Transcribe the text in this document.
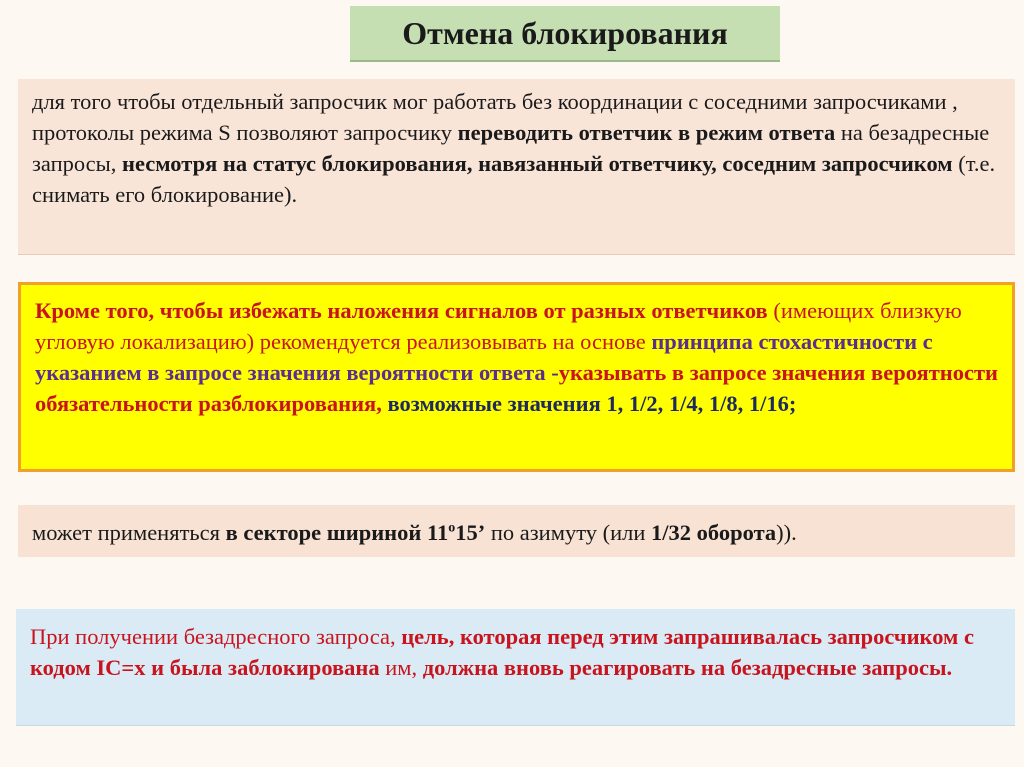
Отмена блокирования

для того чтобы отдельный запросчик мог работать без координации с соседними запросчиками , протоколы режима S позволяют запросчику переводить ответчик в режим ответа на безадресные запросы, несмотря на статус блокирования, навязанный ответчику, соседним запросчиком (т.е. снимать его блокирование).

Кроме того, чтобы избежать наложения сигналов от разных ответчиков (имеющих близкую угловую локализацию) рекомендуется реализовывать на основе принципа стохастичности с указанием в запросе значения вероятности ответа -указывать в запросе значения вероятности обязательности разблокирования, возможные значения 1, 1/2, 1/4, 1/8, 1/16;

может применяться в секторе шириной $11^о15$’ по азимуту (или 1/32 оборота)).

При получении безадресного запроса, цель, которая перед этим запрашивалась запросчиком с кодом IC=x и была заблокирована им, должна вновь реагировать на безадресные запросы.
